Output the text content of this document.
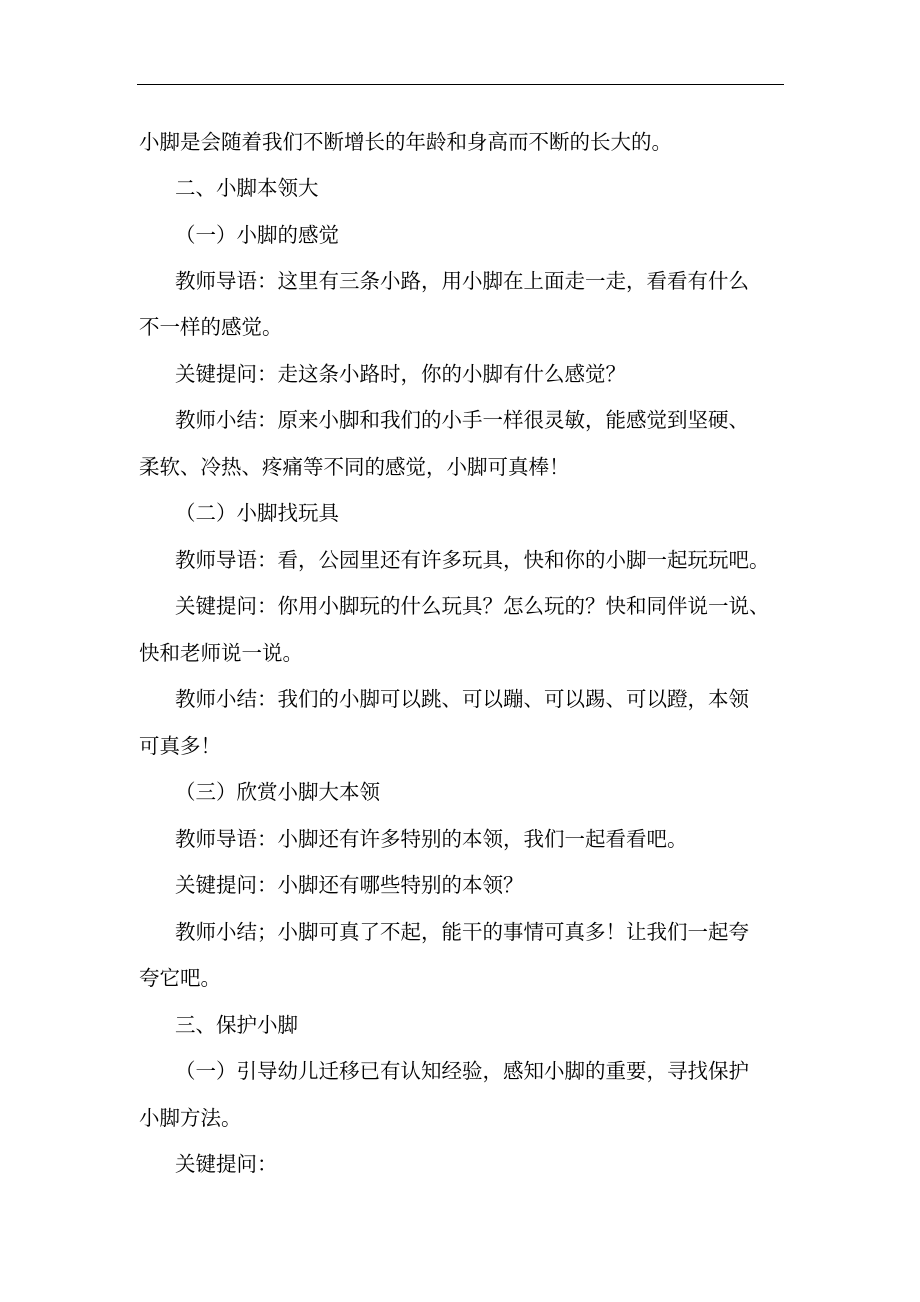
小脚是会随着我们不断增长的年龄和身高而不断的长大的。

二、小脚本领大

（一）小脚的感觉

教师导语：这里有三条小路，用小脚在上面走一走，看看有什么

不一样的感觉。

关键提问：走这条小路时，你的小脚有什么感觉？

教师小结：原来小脚和我们的小手一样很灵敏，能感觉到坚硬、

柔软、冷热、疼痛等不同的感觉，小脚可真棒！

（二）小脚找玩具

教师导语：看，公园里还有许多玩具，快和你的小脚一起玩玩吧。

关键提问：你用小脚玩的什么玩具？怎么玩的？快和同伴说一说、

快和老师说一说。

教师小结：我们的小脚可以跳、可以蹦、可以踢、可以蹬，本领

可真多！

（三）欣赏小脚大本领

教师导语：小脚还有许多特别的本领，我们一起看看吧。

关键提问：小脚还有哪些特别的本领？

教师小结；小脚可真了不起，能干的事情可真多！让我们一起夸

夸它吧。

三、保护小脚

（一）引导幼儿迁移已有认知经验，感知小脚的重要，寻找保护

小脚方法。

关键提问：
